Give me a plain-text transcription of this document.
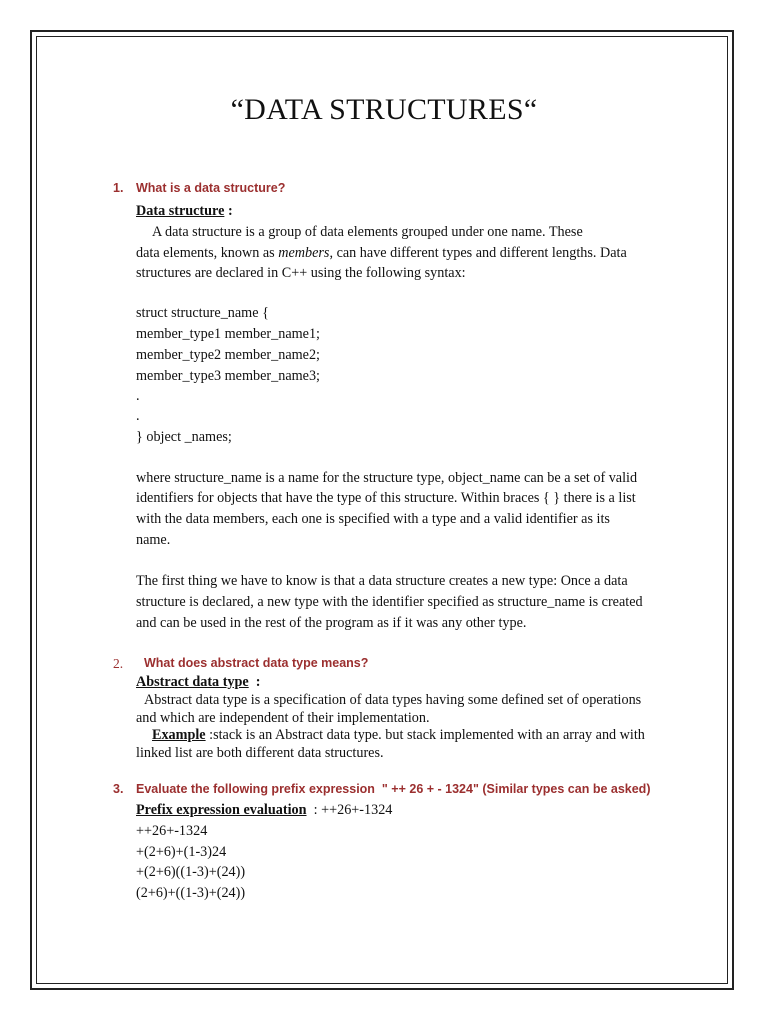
“DATA STRUCTURES“
1. What is a data structure?
Data structure :
A data structure is a group of data elements grouped under one name. These
data elements, known as members, can have different types and different lengths. Data
structures are declared in C++ using the following syntax:
struct structure_name {
member_type1 member_name1;
member_type2 member_name2;
member_type3 member_name3;
.
.
} object _names;
where structure_name is a name for the structure type, object_name can be a set of valid
identifiers for objects that have the type of this structure. Within braces { } there is a list
with the data members, each one is specified with a type and a valid identifier as its
name.
The first thing we have to know is that a data structure creates a new type: Once a data
structure is declared, a new type with the identifier specified as structure_name is created
and can be used in the rest of the program as if it was any other type.
2. What does abstract data type means?
Abstract data type  :
Abstract data type is a specification of data types having some defined set of operations
and which are independent of their implementation.
Example :stack is an Abstract data type. but stack implemented with an array and with
linked list are both different data structures.
3. Evaluate the following prefix expression  " ++ 26 + - 1324" (Similar types can be asked)
Prefix expression evaluation  : ++26+-1324
++26+-1324
+(2+6)+(1-3)24
+(2+6)((1-3)+(24))
(2+6)+((1-3)+(24))
